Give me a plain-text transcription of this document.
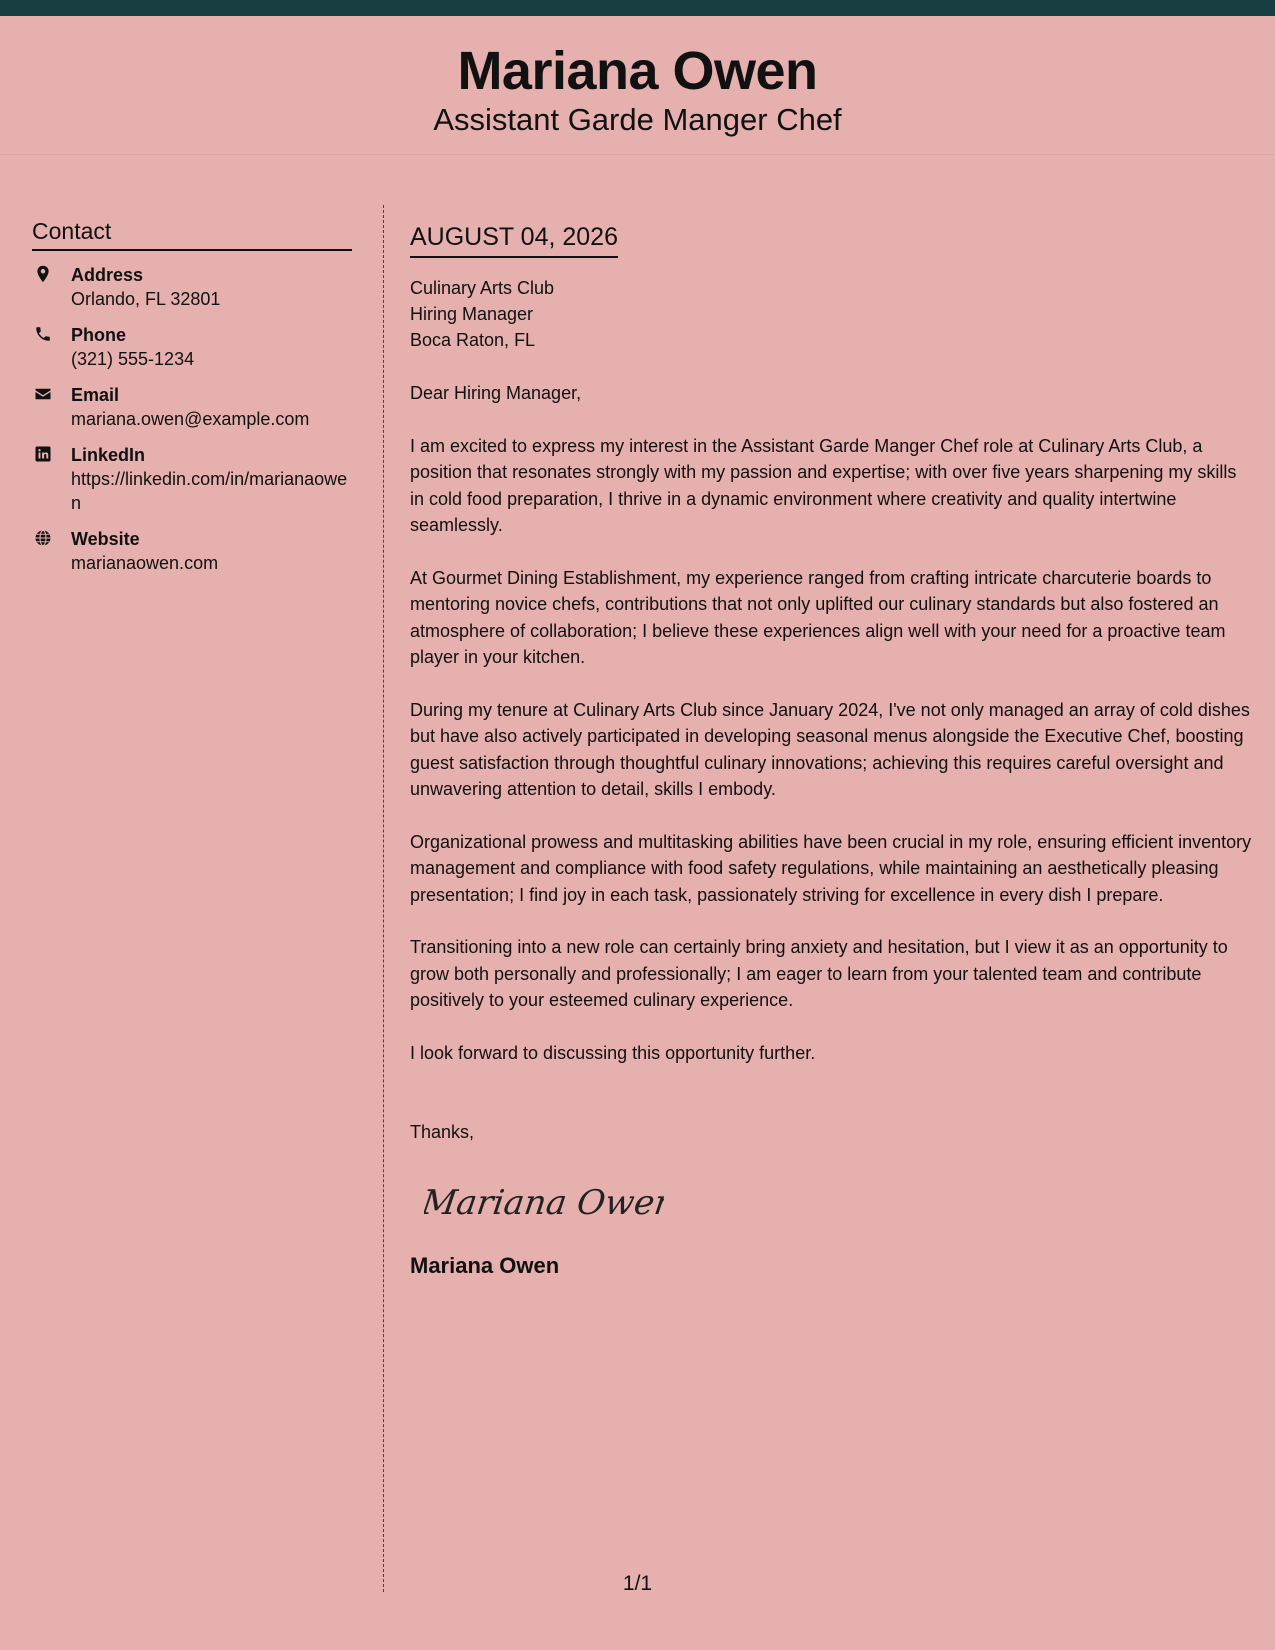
Mariana Owen
Assistant Garde Manger Chef
Contact
Address
Orlando, FL 32801
Phone
(321) 555-1234
Email
mariana.owen@example.com
LinkedIn
https://linkedin.com/in/marianaowen
Website
marianaowen.com
AUGUST 04, 2026
Culinary Arts Club
Hiring Manager
Boca Raton, FL
Dear Hiring Manager,
I am excited to express my interest in the Assistant Garde Manger Chef role at Culinary Arts Club, a position that resonates strongly with my passion and expertise; with over five years sharpening my skills in cold food preparation, I thrive in a dynamic environment where creativity and quality intertwine seamlessly.
At Gourmet Dining Establishment, my experience ranged from crafting intricate charcuterie boards to mentoring novice chefs, contributions that not only uplifted our culinary standards but also fostered an atmosphere of collaboration; I believe these experiences align well with your need for a proactive team player in your kitchen.
During my tenure at Culinary Arts Club since January 2024, I've not only managed an array of cold dishes but have also actively participated in developing seasonal menus alongside the Executive Chef, boosting guest satisfaction through thoughtful culinary innovations; achieving this requires careful oversight and unwavering attention to detail, skills I embody.
Organizational prowess and multitasking abilities have been crucial in my role, ensuring efficient inventory management and compliance with food safety regulations, while maintaining an aesthetically pleasing presentation; I find joy in each task, passionately striving for excellence in every dish I prepare.
Transitioning into a new role can certainly bring anxiety and hesitation, but I view it as an opportunity to grow both personally and professionally; I am eager to learn from your talented team and contribute positively to your esteemed culinary experience.
I look forward to discussing this opportunity further.
Thanks,
Mariana Owen
Mariana Owen
1/1
